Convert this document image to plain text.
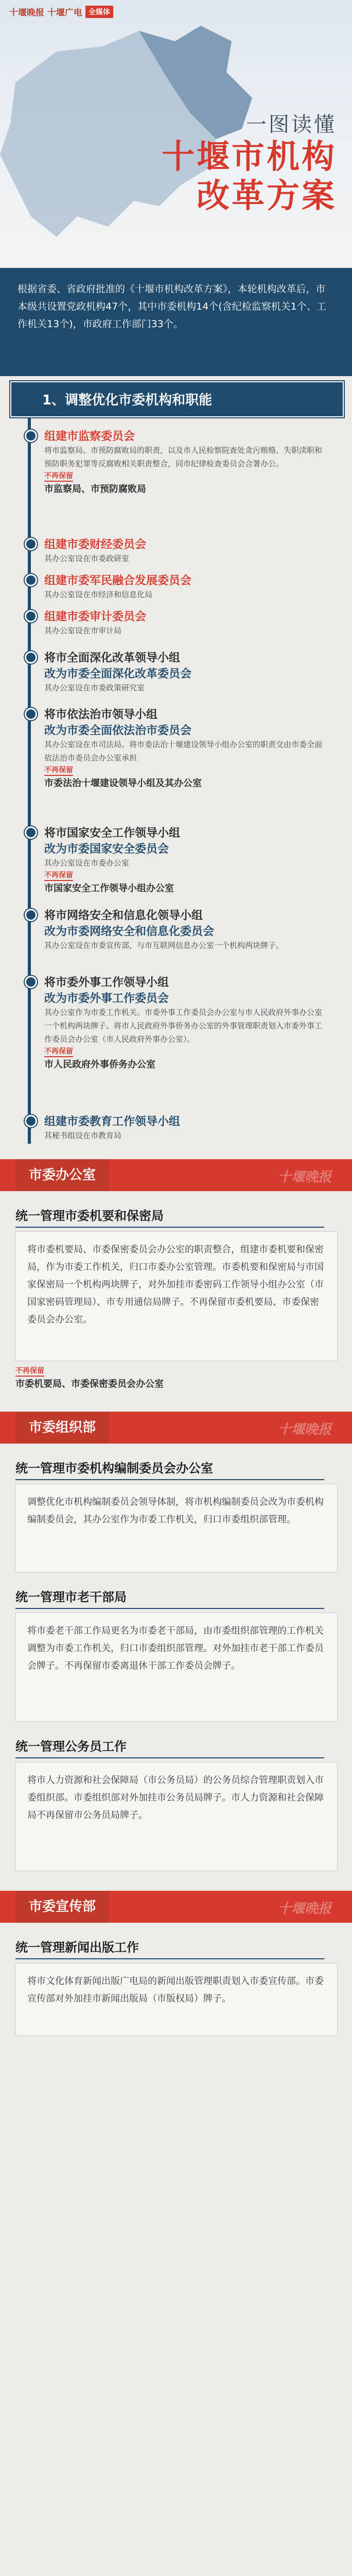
十堰晚报 十堰广电 全媒体
一图读懂
十堰市机构
改革方案

根据省委、省政府批准的《十堰市机构改革方案》，本轮机构改革后，市本级共设置党政机构47个，其中市委机构14个(含纪检监察机关1个、工作机关13个)，市政府工作部门33个。

1、调整优化市委机构和职能
组建市监察委员会
将市监察局、市预防腐败局的职责，以及市人民检察院查处贪污贿赂、失职渎职和预防职务犯罪等反腐败相关职责整合，同市纪律检查委员会合署办公。
不再保留
市监察局、市预防腐败局
组建市委财经委员会
其办公室设在市委政研室
组建市委军民融合发展委员会
其办公室设在市经济和信息化局
组建市委审计委员会
其办公室设在市审计局
将市全面深化改革领导小组
改为市委全面深化改革委员会
其办公室设在市委政策研究室
将市依法治市领导小组
改为市委全面依法治市委员会
其办公室设在市司法局。将市委法治十堰建设领导小组办公室的职责交由市委全面依法治市委员会办公室承担
不再保留
市委法治十堰建设领导小组及其办公室
将市国家安全工作领导小组
改为市委国家安全委员会
其办公室设在市委办公室
不再保留
市国家安全工作领导小组办公室
将市网络安全和信息化领导小组
改为市委网络安全和信息化委员会
其办公室设在市委宣传部，与市互联网信息办公室一个机构两块牌子。
将市委外事工作领导小组
改为市委外事工作委员会
其办公室作为市委工作机关。市委外事工作委员会办公室与市人民政府外事办公室一个机构两块牌子。将市人民政府外事侨务办公室的外事管理职责划入市委外事工作委员会办公室（市人民政府外事办公室）。
不再保留
市人民政府外事侨务办公室
组建市委教育工作领导小组
其秘书组设在市教育局
市委办公室	十堰晚报
统一管理市委机要和保密局

将市委机要局、市委保密委员会办公室的职责整合，组建市委机要和保密局，作为市委工作机关，归口市委办公室管理。市委机要和保密局与市国家保密局一个机构两块牌子，对外加挂市委密码工作领导小组办公室（市国家密码管理局）、市专用通信局牌子。不再保留市委机要局、市委保密委员会办公室。

不再保留
市委机要局、市委保密委员会办公室
市委组织部	十堰晚报
统一管理市委机构编制委员会办公室

调整优化市机构编制委员会领导体制，将市机构编制委员会改为市委机构编制委员会，其办公室作为市委工作机关，归口市委组织部管理。

统一管理市老干部局

将市委老干部工作局更名为市委老干部局，由市委组织部管理的工作机关调整为市委工作机关，归口市委组织部管理。对外加挂市老干部工作委员会牌子。不再保留市委离退休干部工作委员会牌子。

统一管理公务员工作

将市人力资源和社会保障局（市公务员局）的公务员综合管理职责划入市委组织部。市委组织部对外加挂市公务员局牌子。市人力资源和社会保障局不再保留市公务员局牌子。

市委宣传部	十堰晚报
统一管理新闻出版工作

将市文化体育新闻出版广电局的新闻出版管理职责划入市委宣传部。市委宣传部对外加挂市新闻出版局（市版权局）牌子。
